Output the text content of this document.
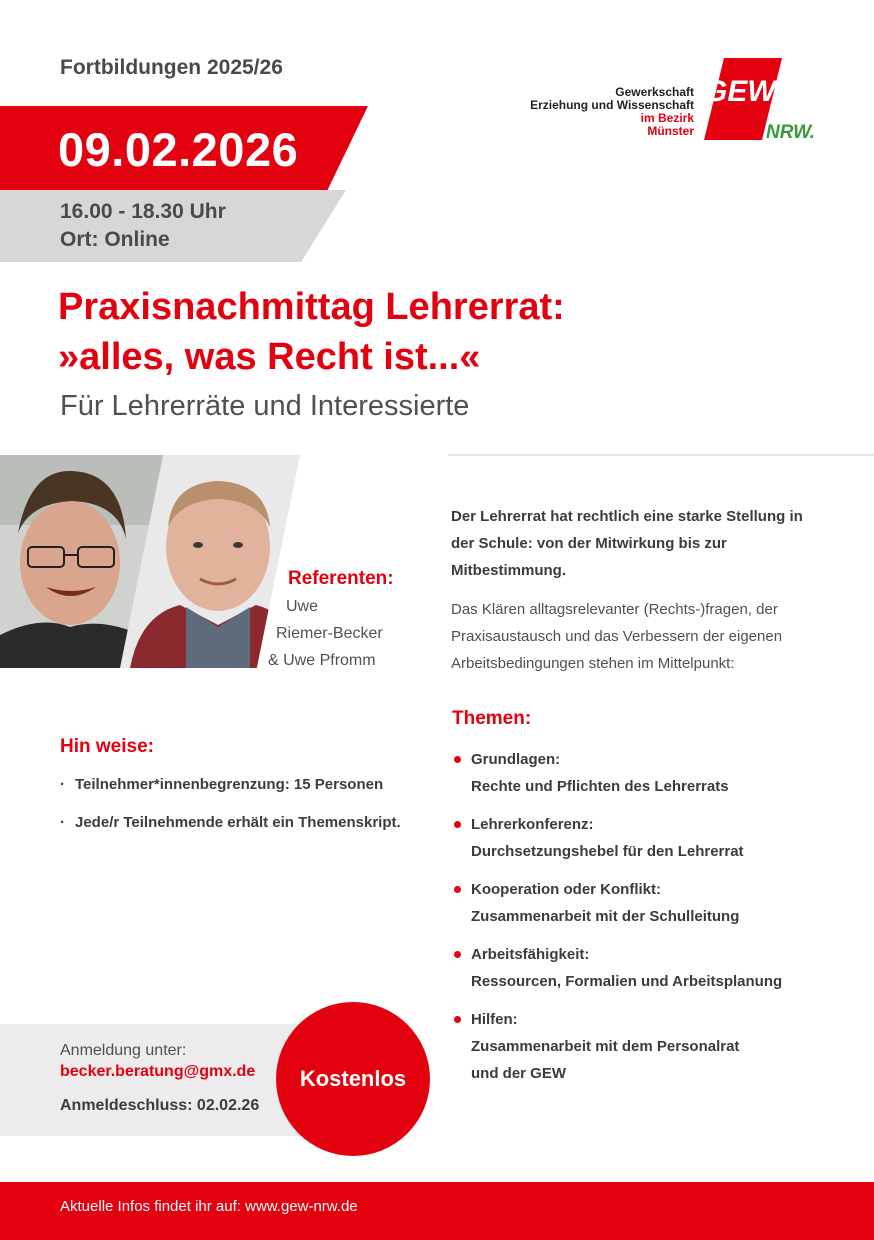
Fortbildungen 2025/26
09.02.2026
16.00 - 18.30 Uhr
Ort: Online
Gewerkschaft
Erziehung und Wissenschaft
im Bezirk
Münster
GEW
NRW.
Praxisnachmittag Lehrerrat:
»alles, was Recht ist...«
Für Lehrerräte und Interessierte
Referenten:
Uwe
Riemer-Becker
& Uwe Pfromm
Der Lehrerrat hat rechtlich eine starke Stellung in der Schule: von der Mitwirkung bis zur Mitbestimmung.
Das Klären alltagsrelevanter (Rechts-)fragen, der Praxisaustausch und das Verbessern der eigenen Arbeitsbedingungen stehen im Mittelpunkt:
Themen:
Grundlagen:
Rechte und Pflichten des Lehrerrats
Lehrerkonferenz:
Durchsetzungshebel für den Lehrerrat
Kooperation oder Konflikt:
Zusammenarbeit mit der Schulleitung
Arbeitsfähigkeit:
Ressourcen, Formalien und Arbeitsplanung
Hilfen:
Zusammenarbeit mit dem Personalrat
und der GEW
Hin weise:
· Teilnehmer*innenbegrenzung: 15 Personen
· Jede/r Teilnehmende erhält ein Themenskript.
Anmeldung unter:
becker.beratung@gmx.de
Anmeldeschluss: 02.02.26
Kostenlos
Aktuelle Infos findet ihr auf: www.gew-nrw.de
